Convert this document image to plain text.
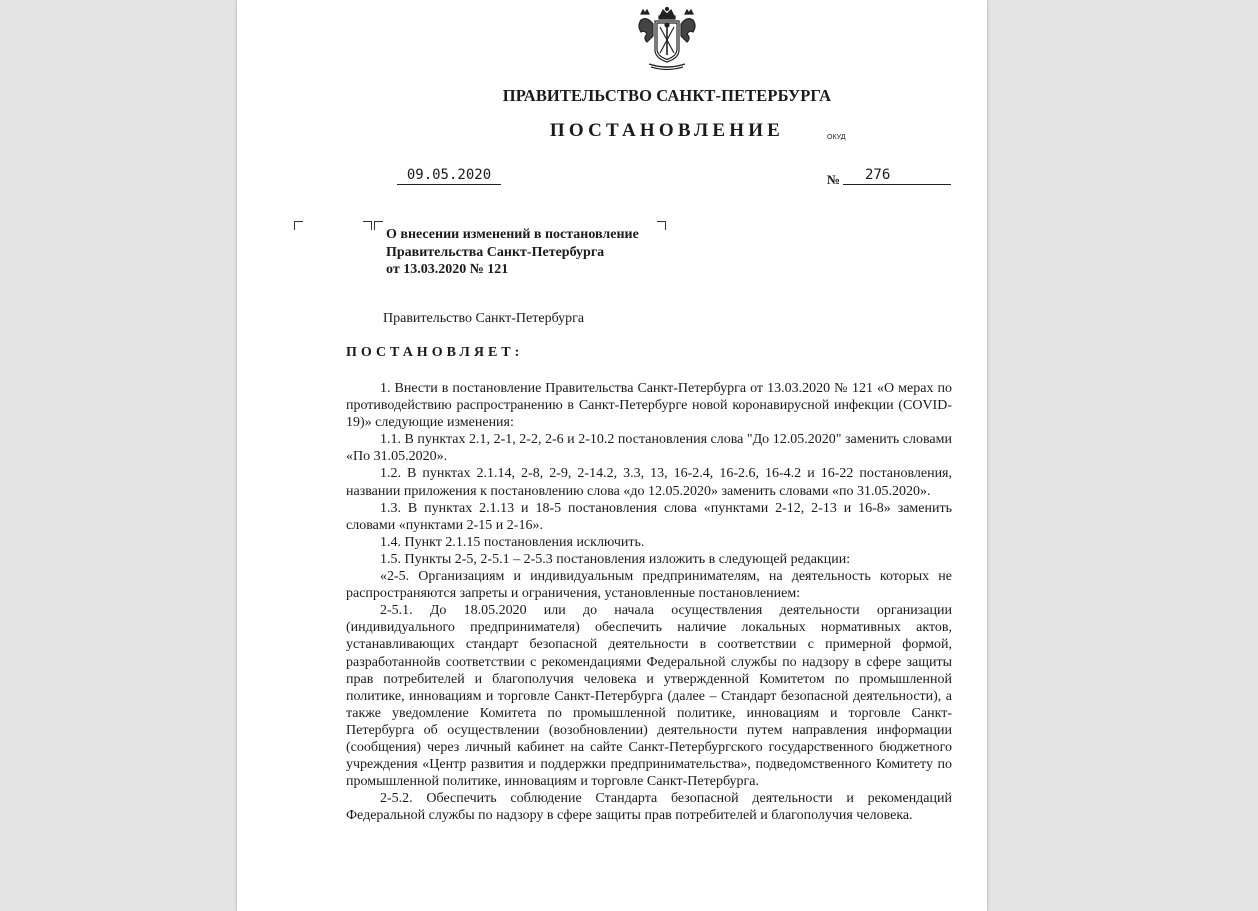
ПРАВИТЕЛЬСТВО САНКТ-ПЕТЕРБУРГА
ПОСТАНОВЛЕНИЕ	ОКУД
09.05.2020	№	276
О внесении изменений в постановление
Правительства Санкт-Петербурга
от 13.03.2020 № 121
Правительство Санкт-Петербурга
ПОСТАНОВЛЯЕТ:

1. Внести в постановление Правительства Санкт-Петербурга от 13.03.2020 № 121 «О мерах по противодействию распространению в Санкт-Петербурге новой коронавирусной инфекции (COVID-19)» следующие изменения:

1.1. В пунктах 2.1, 2-1, 2-2, 2-6 и 2-10.2 постановления слова "До 12.05.2020" заменить словами «По 31.05.2020».

1.2. В пунктах 2.1.14, 2-8, 2-9, 2-14.2, 3.3, 13, 16-2.4, 16-2.6, 16-4.2 и 16-22 постановления, названии приложения к постановлению слова «до 12.05.2020» заменить словами «по 31.05.2020».

1.3. В пунктах 2.1.13 и 18-5 постановления слова «пунктами 2-12, 2-13 и 16-8» заменить словами «пунктами 2-15 и 2-16».

1.4. Пункт 2.1.15 постановления исключить.

1.5. Пункты 2-5, 2-5.1 – 2-5.3 постановления изложить в следующей редакции:

«2-5. Организациям и индивидуальным предпринимателям, на деятельность которых не распространяются запреты и ограничения, установленные постановлением:

2-5.1. До 18.05.2020 или до начала осуществления деятельности организации (индивидуального предпринимателя) обеспечить наличие локальных нормативных актов, устанавливающих стандарт безопасной деятельности в соответствии с примерной формой, разработаннойв соответствии с рекомендациями Федеральной службы по надзору в сфере защиты прав потребителей и благополучия человека и утвержденной Комитетом по промышленной политике, инновациям и торговле Санкт-Петербурга (далее – Стандарт безопасной деятельности), а также уведомление Комитета по промышленной политике, инновациям и торговле Санкт-Петербурга об осуществлении (возобновлении) деятельности путем направления информации (сообщения) через личный кабинет на сайте Санкт-Петербургского государственного бюджетного учреждения «Центр развития и поддержки предпринимательства», подведомственного Комитету по промышленной политике, инновациям и торговле Санкт-Петербурга.

2-5.2. Обеспечить соблюдение Стандарта безопасной деятельности и рекомендаций Федеральной службы по надзору в сфере защиты прав потребителей и благополучия человека.
